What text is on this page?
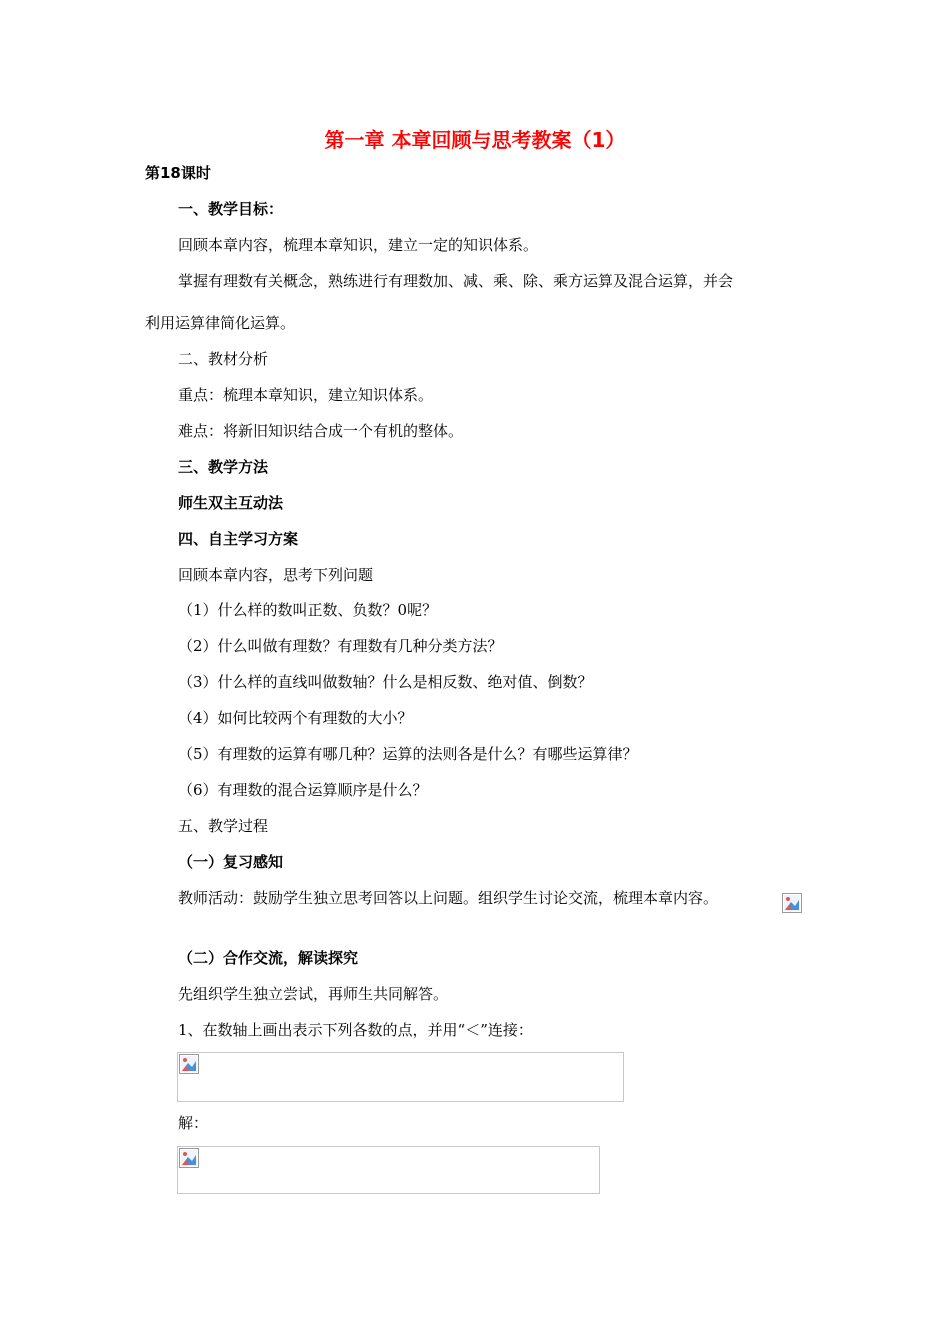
第一章 本章回顾与思考教案（1）

第18课时

一、教学目标：

回顾本章内容，梳理本章知识，建立一定的知识体系。

掌握有理数有关概念，熟练进行有理数加、减、乘、除、乘方运算及混合运算，并会

利用运算律简化运算。

二、教材分析

重点：梳理本章知识，建立知识体系。

难点：将新旧知识结合成一个有机的整体。

三、教学方法

师生双主互动法

四、自主学习方案

回顾本章内容，思考下列问题

（1）什么样的数叫正数、负数？0呢？

（2）什么叫做有理数？有理数有几种分类方法？

（3）什么样的直线叫做数轴？什么是相反数、绝对值、倒数？

（4）如何比较两个有理数的大小？

（5）有理数的运算有哪几种？运算的法则各是什么？有哪些运算律？

（6）有理数的混合运算顺序是什么？

五、教学过程

（一）复习感知

教师活动：鼓励学生独立思考回答以上问题。组织学生讨论交流，梳理本章内容。

（二）合作交流，解读探究

先组织学生独立尝试，再师生共同解答。

1、在数轴上画出表示下列各数的点，并用“＜”连接：

解：
